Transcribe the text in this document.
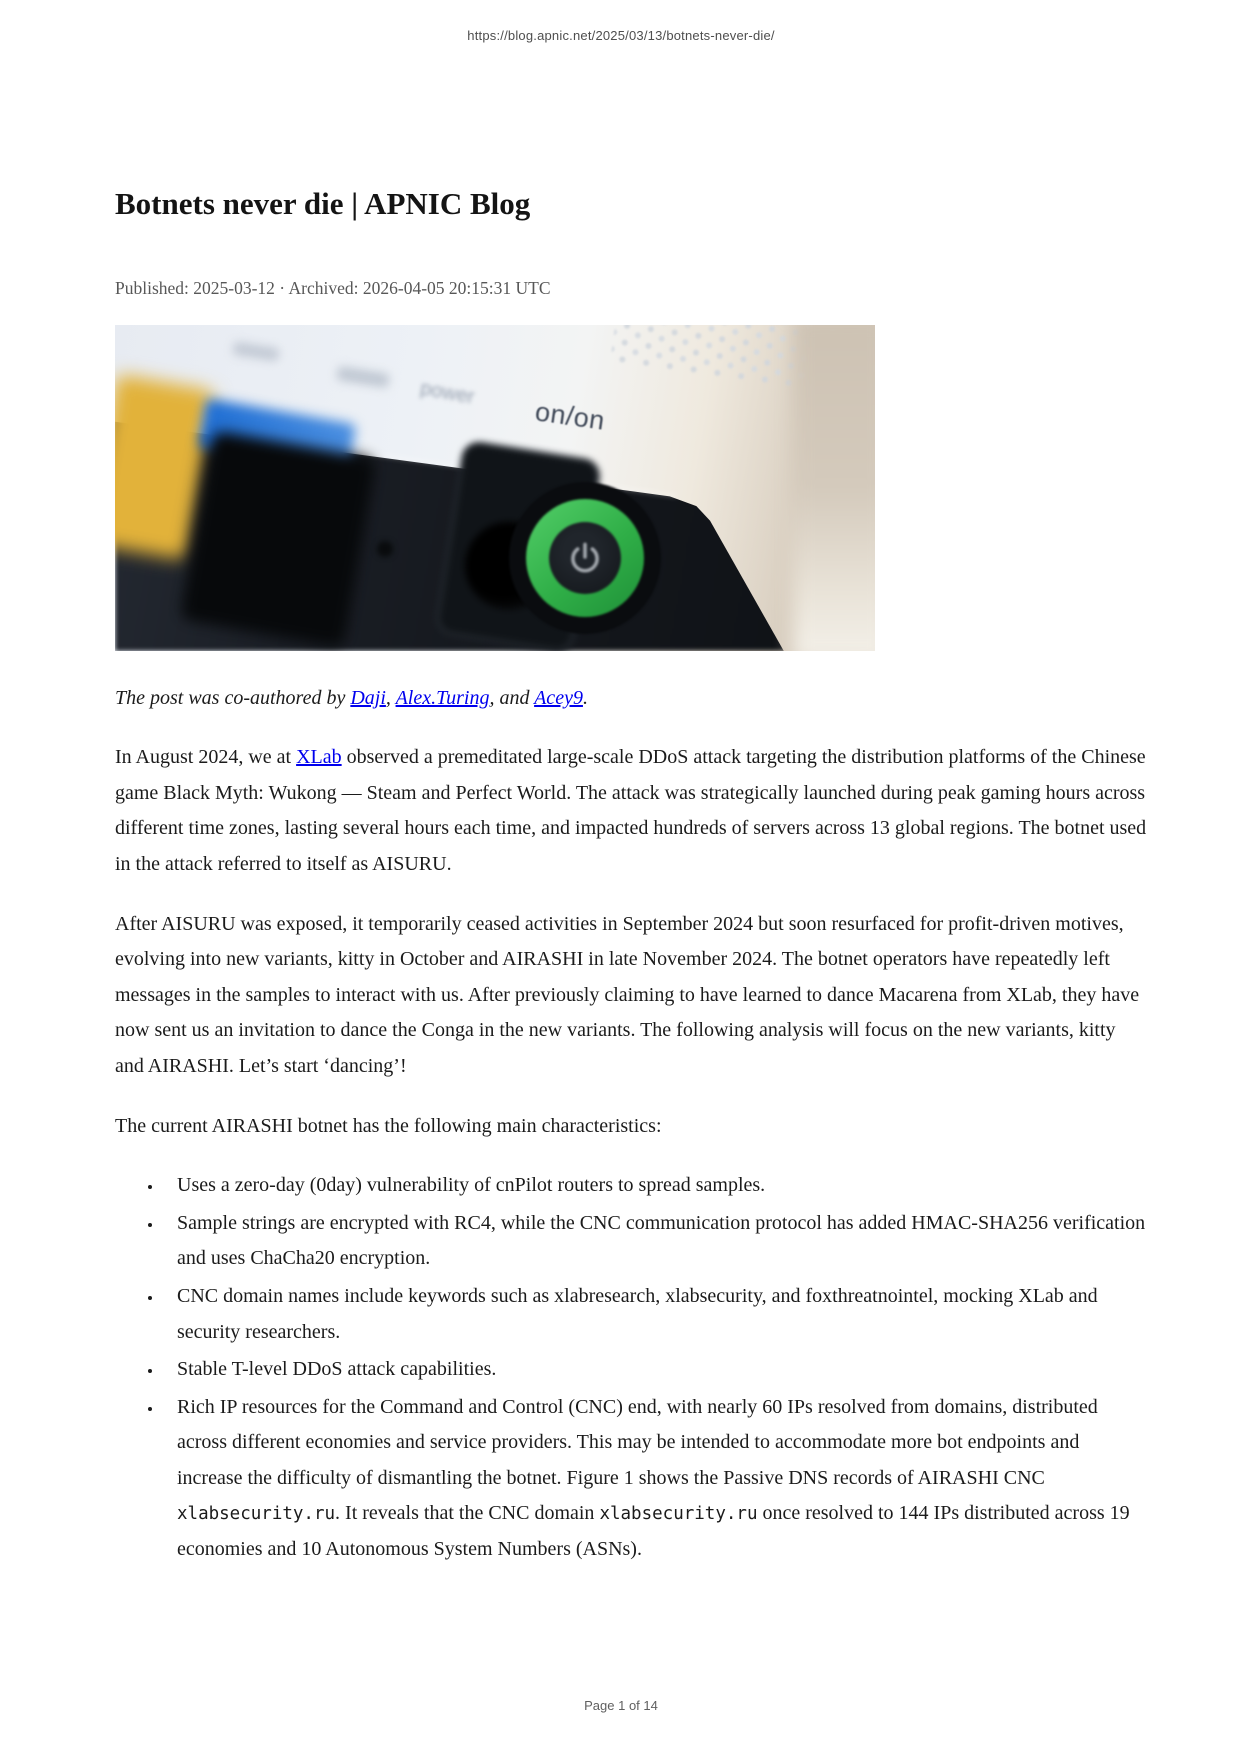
https://blog.apnic.net/2025/03/13/botnets-never-die/
Botnets never die | APNIC Blog

Published: 2025-03-12 · Archived: 2026-04-05 20:15:31 UTC

power
on/on

The post was co-authored by Daji, Alex.Turing, and Acey9.

In August 2024, we at XLab observed a premeditated large-scale DDoS attack targeting the distribution platforms of the Chinese game Black Myth: Wukong — Steam and Perfect World. The attack was strategically launched during peak gaming hours across different time zones, lasting several hours each time, and impacted hundreds of servers across 13 global regions. The botnet used in the attack referred to itself as AISURU.

After AISURU was exposed, it temporarily ceased activities in September 2024 but soon resurfaced for profit-driven motives, evolving into new variants, kitty in October and AIRASHI in late November 2024. The botnet operators have repeatedly left messages in the samples to interact with us. After previously claiming to have learned to dance Macarena from XLab, they have now sent us an invitation to dance the Conga in the new variants. The following analysis will focus on the new variants, kitty and AIRASHI. Let’s start ‘dancing’!

The current AIRASHI botnet has the following main characteristics:

• Uses a zero-day (0day) vulnerability of cnPilot routers to spread samples.
• Sample strings are encrypted with RC4, while the CNC communication protocol has added HMAC-SHA256 verification and uses ChaCha20 encryption.
• CNC domain names include keywords such as xlabresearch, xlabsecurity, and foxthreatnointel, mocking XLab and security researchers.
• Stable T-level DDoS attack capabilities.
• Rich IP resources for the Command and Control (CNC) end, with nearly 60 IPs resolved from domains, distributed across different economies and service providers. This may be intended to accommodate more bot endpoints and increase the difficulty of dismantling the botnet. Figure 1 shows the Passive DNS records of AIRASHI CNC xlabsecurity.ru. It reveals that the CNC domain xlabsecurity.ru once resolved to 144 IPs distributed across 19 economies and 10 Autonomous System Numbers (ASNs).
Page 1 of 14
